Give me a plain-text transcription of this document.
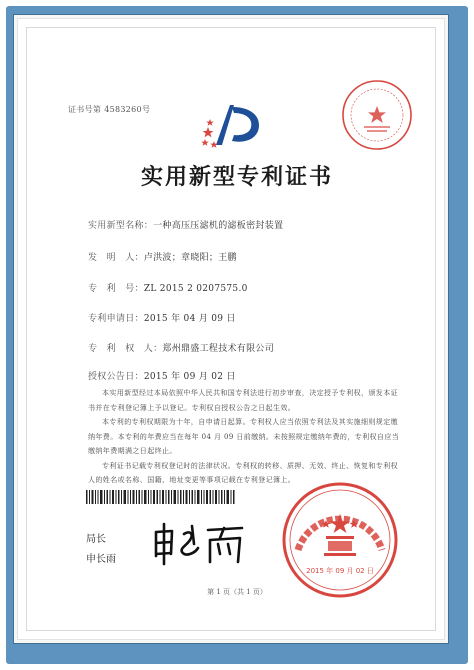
证书号第 4583260号
实用新型专利证书
实用新型名称：一种高压压滤机的滤板密封装置
发　明　人：卢洪波；章晓阳；王鹏
专　利　号：ZL 2015 2 0207575.0
专利申请日：2015 年 04 月 09 日
专　利　权　人：郑州鼎盛工程技术有限公司
授权公告日：2015 年 09 月 02 日

本实用新型经过本局依照中华人民共和国专利法进行初步审查，决定授予专利权，颁发本证书并在专利登记簿上予以登记。专利权自授权公告之日起生效。

本专利的专利权期限为十年，自申请日起算。专利权人应当依照专利法及其实施细则规定缴纳年费。本专利的年费应当在每年 04 月 09 日前缴纳。未按照规定缴纳年费的，专利权自应当缴纳年费期满之日起终止。

专利证书记载专利权登记时的法律状况。专利权的转移、质押、无效、终止、恢复和专利权人的姓名或名称、国籍、地址变更等事项记载在专利登记簿上。

局长
申长雨
2015 年 09 月 02 日
第 1 页（共 1 页）
